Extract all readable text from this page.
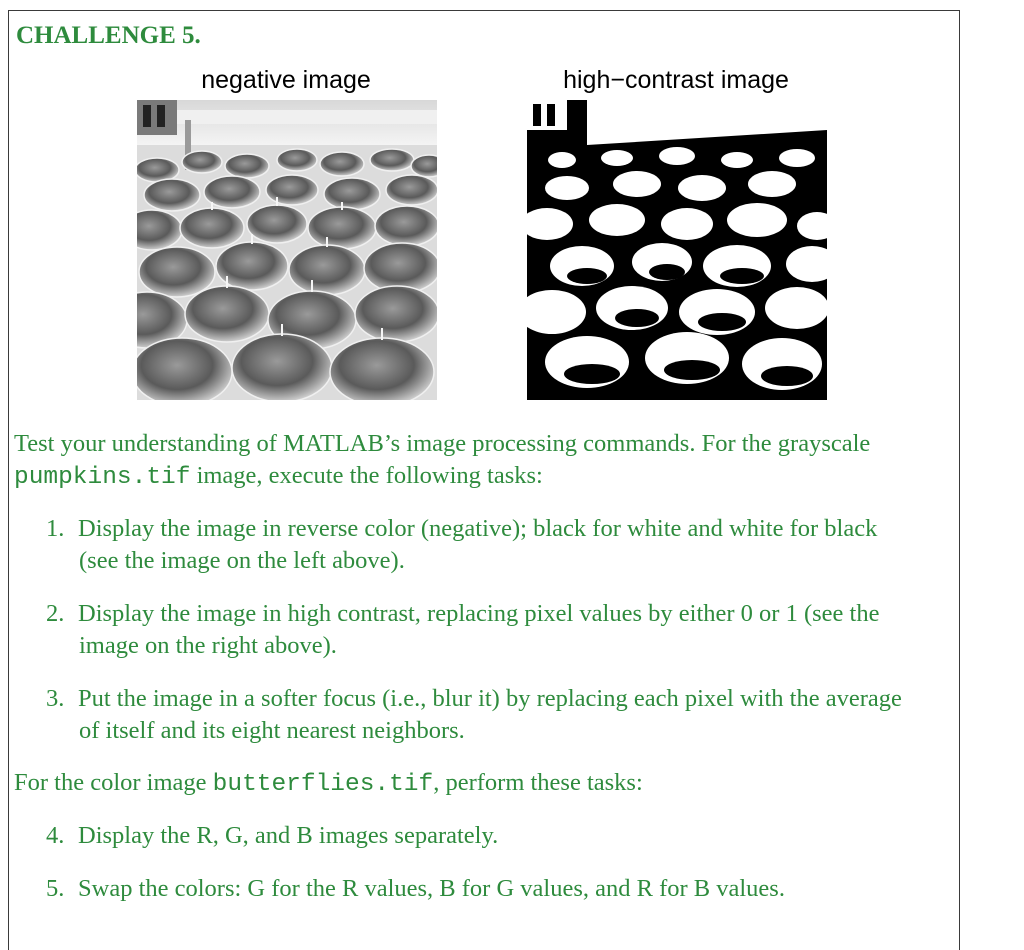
CHALLENGE 5.

negative image	high−contrast image

Test your understanding of MATLAB’s image processing commands. For the grayscale
pumpkins.tif image, execute the following tasks:

1. Display the image in reverse color (negative); black for white and white for black
(see the image on the left above).
2. Display the image in high contrast, replacing pixel values by either 0 or 1 (see the
image on the right above).
3. Put the image in a softer focus (i.e., blur it) by replacing each pixel with the average
of itself and its eight nearest neighbors.

For the color image butterflies.tif, perform these tasks:

4. Display the R, G, and B images separately.
5. Swap the colors: G for the R values, B for G values, and R for B values.
